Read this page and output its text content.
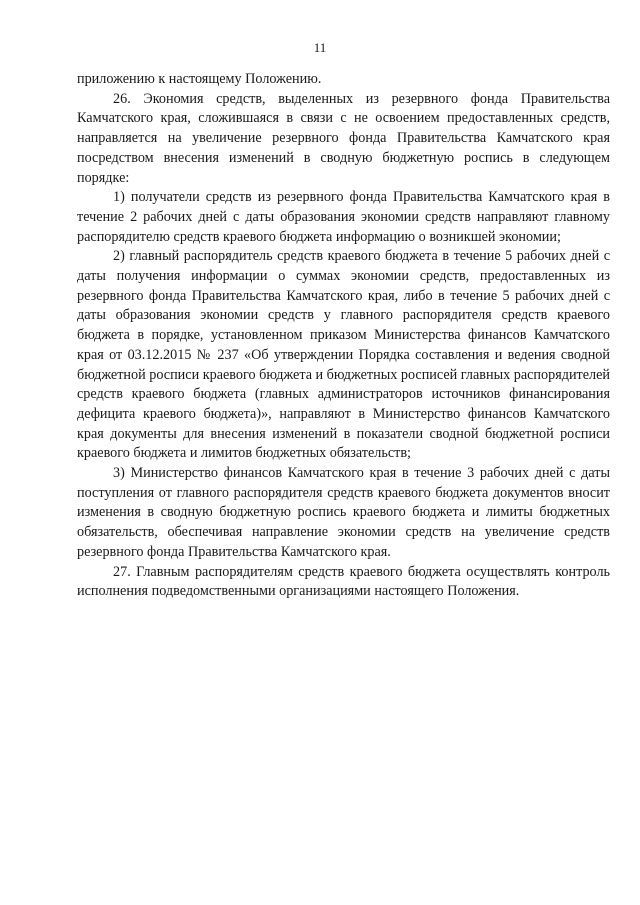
11

приложению к настоящему Положению.

26. Экономия средств, выделенных из резервного фонда Правительства Камчатского края, сложившаяся в связи с не освоением предоставленных средств, направляется на увеличение резервного фонда Правительства Камчатского края посредством внесения изменений в сводную бюджетную роспись в следующем порядке:

1) получатели средств из резервного фонда Правительства Камчатского края в течение 2 рабочих дней с даты образования экономии средств направляют главному распорядителю средств краевого бюджета информацию о возникшей экономии;

2) главный распорядитель средств краевого бюджета в течение 5 рабочих дней с даты получения информации о суммах экономии средств, предоставленных из резервного фонда Правительства Камчатского края, либо в течение 5 рабочих дней с даты образования экономии средств у главного распорядителя средств краевого бюджета в порядке, установленном приказом Министерства финансов Камчатского края от 03.12.2015 № 237 «Об утверждении Порядка составления и ведения сводной бюджетной росписи краевого бюджета и бюджетных росписей главных распорядителей средств краевого бюджета (главных администраторов источников финансирования дефицита краевого бюджета)», направляют в Министерство финансов Камчатского края документы для внесения изменений в показатели сводной бюджетной росписи краевого бюджета и лимитов бюджетных обязательств;

3) Министерство финансов Камчатского края в течение 3 рабочих дней с даты поступления от главного распорядителя средств краевого бюджета документов вносит изменения в сводную бюджетную роспись краевого бюджета и лимиты бюджетных обязательств, обеспечивая направление экономии средств на увеличение средств резервного фонда Правительства Камчатского края.

27. Главным распорядителям средств краевого бюджета осуществлять контроль исполнения подведомственными организациями настоящего Положения.
